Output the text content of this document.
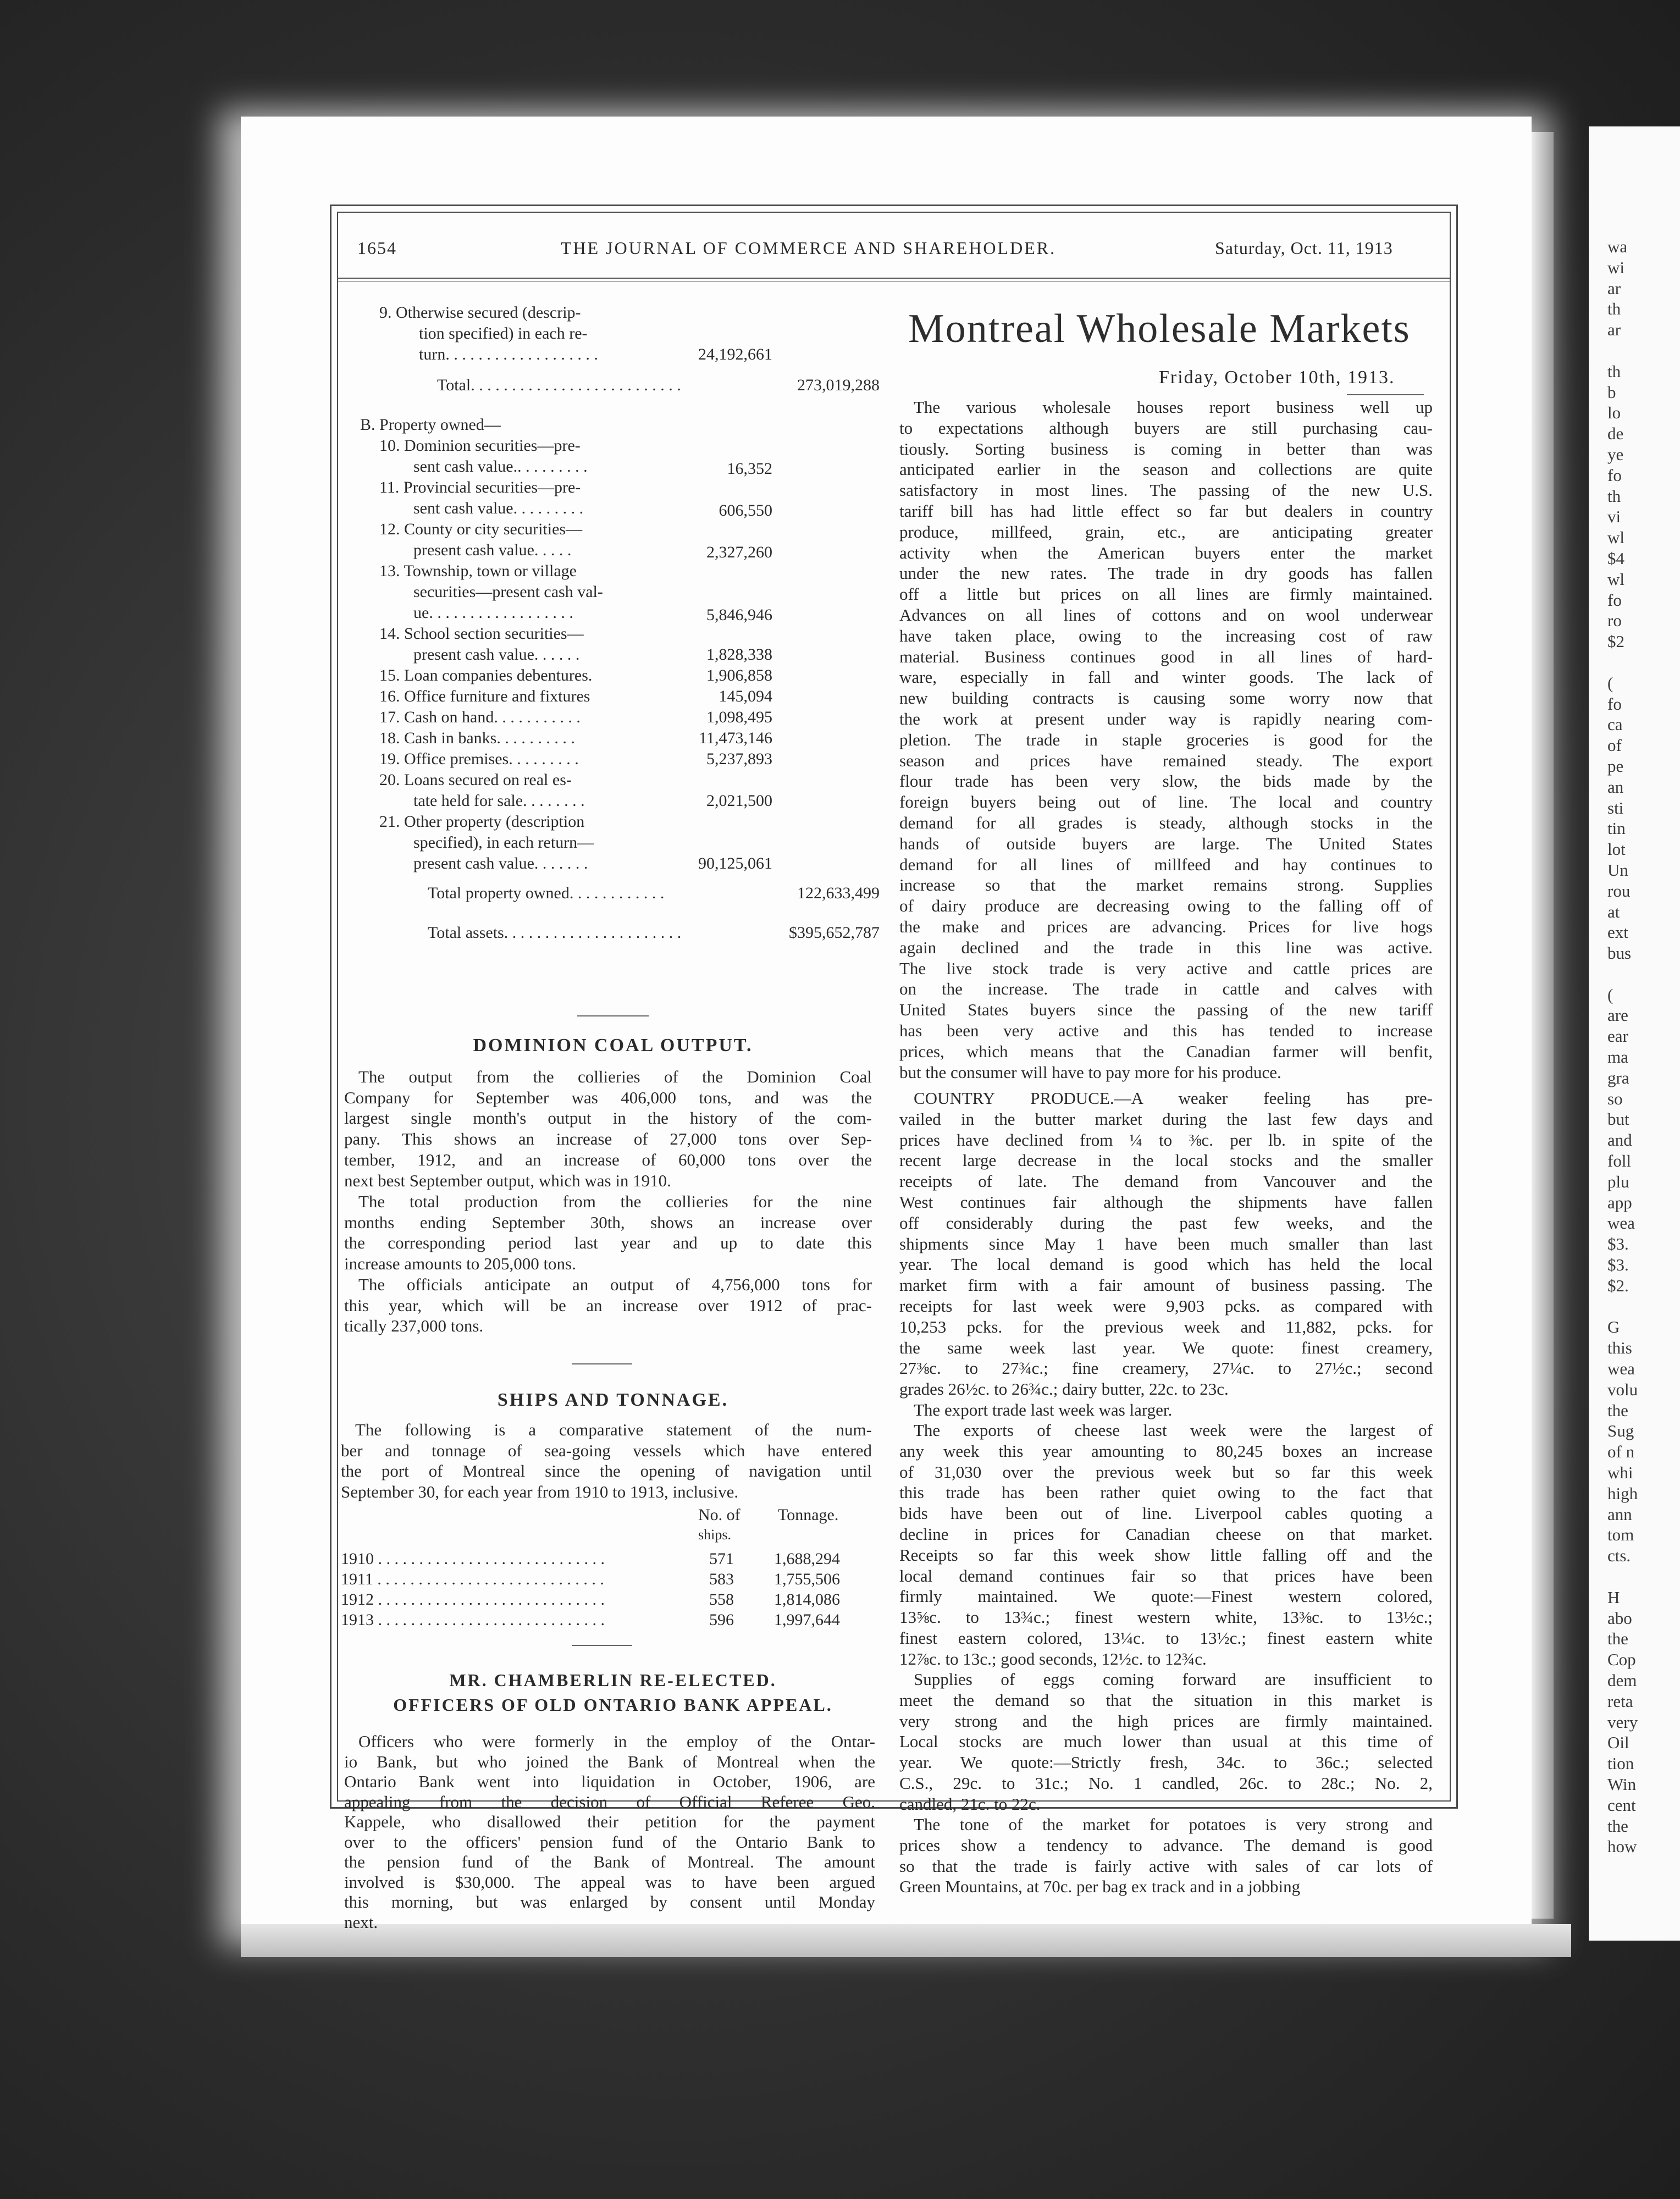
wa
wi
ar
th
ar

th
b
lo
de
ye
fo
th
vi
wl
$4
wl
fo
ro
$2

(
fo
ca
of
pe
an
sti
tin
lot
Un
rou
at
ext
bus

(
are
ear
ma
gra
so
but
and
foll
plu
app
wea
$3.
$3.
$2.

G
this
wea
volu
the
Sug
of n
whi
high
ann
tom
cts.

H
abo
the
Cop
dem
reta
very
Oil
tion
Win
cent
the
how
1654	THE JOURNAL OF COMMERCE AND SHAREHOLDER.	Saturday, Oct. 11, 1913
9. Otherwise secured (descrip-
tion specified) in each re-
turn. . . . . . . . . . . . . . . . . . .	24,192,661
Total. . . . . . . . . . . . . . . . . . . . . . . . . .	273,019,288
B. Property owned—
10. Dominion securities—pre-
sent cash value.. . . . . . . . .	16,352
11. Provincial securities—pre-
sent cash value. . . . . . . . .	606,550
12. County or city securities—
present cash value. . . . .	2,327,260
13. Township, town or village
securities—present cash val-
ue. . . . . . . . . . . . . . . . . .	5,846,946
14. School section securities—
present cash value. . . . . .	1,828,338
15. Loan companies debentures.	1,906,858
16. Office furniture and fixtures	145,094
17. Cash on hand. . . . . . . . . . .	1,098,495
18. Cash in banks. . . . . . . . . .	11,473,146
19. Office premises. . . . . . . . .	5,237,893
20. Loans secured on real es-
tate held for sale. . . . . . . .	2,021,500
21. Other property (description
specified), in each return—
present cash value. . . . . . .	90,125,061
Total property owned. . . . . . . . . . . .	122,633,499
Total assets. . . . . . . . . . . . . . . . . . . . . .	$395,652,787
DOMINION COAL OUTPUT.
The output from the collieries of the Dominion Coal
Company for September was 406,000 tons, and was the
largest single month's output in the history of the com-
pany. This shows an increase of 27,000 tons over Sep-
tember, 1912, and an increase of 60,000 tons over the
next best September output, which was in 1910.
The total production from the collieries for the nine
months ending September 30th, shows an increase over
the corresponding period last year and up to date this
increase amounts to 205,000 tons.
The officials anticipate an output of 4,756,000 tons for
this year, which will be an increase over 1912 of prac-
tically 237,000 tons.
SHIPS AND TONNAGE.
The following is a comparative statement of the num-
ber and tonnage of sea-going vessels which have entered
the port of Montreal since the opening of navigation until
September 30, for each year from 1910 to 1913, inclusive.
No. of Tonnage.
ships.
1910 . . . . . . . . . . . . . . . . . . . . . . . . . . . .	571 1,688,294
1911 . . . . . . . . . . . . . . . . . . . . . . . . . . . .	583 1,755,506
1912 . . . . . . . . . . . . . . . . . . . . . . . . . . . .	558 1,814,086
1913 . . . . . . . . . . . . . . . . . . . . . . . . . . . .	596 1,997,644
MR. CHAMBERLIN RE-ELECTED.
OFFICERS OF OLD ONTARIO BANK APPEAL.
Officers who were formerly in the employ of the Ontar-
io Bank, but who joined the Bank of Montreal when the
Ontario Bank went into liquidation in October, 1906, are
appealing from the decision of Official Referee Geo.
Kappele, who disallowed their petition for the payment
over to the officers' pension fund of the Ontario Bank to
the pension fund of the Bank of Montreal. The amount
involved is $30,000. The appeal was to have been argued
this morning, but was enlarged by consent until Monday
next.
Montreal Wholesale Markets
Friday, October 10th, 1913.
The various wholesale houses report business well up
to expectations although buyers are still purchasing cau-
tiously. Sorting business is coming in better than was
anticipated earlier in the season and collections are quite
satisfactory in most lines. The passing of the new U.S.
tariff bill has had little effect so far but dealers in country
produce, millfeed, grain, etc., are anticipating greater
activity when the American buyers enter the market
under the new rates. The trade in dry goods has fallen
off a little but prices on all lines are firmly maintained.
Advances on all lines of cottons and on wool underwear
have taken place, owing to the increasing cost of raw
material. Business continues good in all lines of hard-
ware, especially in fall and winter goods. The lack of
new building contracts is causing some worry now that
the work at present under way is rapidly nearing com-
pletion. The trade in staple groceries is good for the
season and prices have remained steady. The export
flour trade has been very slow, the bids made by the
foreign buyers being out of line. The local and country
demand for all grades is steady, although stocks in the
hands of outside buyers are large. The United States
demand for all lines of millfeed and hay continues to
increase so that the market remains strong. Supplies
of dairy produce are decreasing owing to the falling off of
the make and prices are advancing. Prices for live hogs
again declined and the trade in this line was active.
The live stock trade is very active and cattle prices are
on the increase. The trade in cattle and calves with
United States buyers since the passing of the new tariff
has been very active and this has tended to increase
prices, which means that the Canadian farmer will benfit,
but the consumer will have to pay more for his produce.
COUNTRY PRODUCE.—A weaker feeling has pre-
vailed in the butter market during the last few days and
prices have declined from ¼ to ⅜c. per lb. in spite of the
recent large decrease in the local stocks and the smaller
receipts of late. The demand from Vancouver and the
West continues fair although the shipments have fallen
off considerably during the past few weeks, and the
shipments since May 1 have been much smaller than last
year. The local demand is good which has held the local
market firm with a fair amount of business passing. The
receipts for last week were 9,903 pcks. as compared with
10,253 pcks. for the previous week and 11,882, pcks. for
the same week last year. We quote: finest creamery,
27⅜c. to 27¾c.; fine creamery, 27¼c. to 27½c.; second
grades 26½c. to 26¾c.; dairy butter, 22c. to 23c.
The export trade last week was larger.
The exports of cheese last week were the largest of
any week this year amounting to 80,245 boxes an increase
of 31,030 over the previous week but so far this week
this trade has been rather quiet owing to the fact that
bids have been out of line. Liverpool cables quoting a
decline in prices for Canadian cheese on that market.
Receipts so far this week show little falling off and the
local demand continues fair so that prices have been
firmly maintained. We quote:—Finest western colored,
13⅝c. to 13¾c.; finest western white, 13⅜c. to 13½c.;
finest eastern colored, 13¼c. to 13½c.; finest eastern white
12⅞c. to 13c.; good seconds, 12½c. to 12¾c.
Supplies of eggs coming forward are insufficient to
meet the demand so that the situation in this market is
very strong and the high prices are firmly maintained.
Local stocks are much lower than usual at this time of
year. We quote:—Strictly fresh, 34c. to 36c.; selected
C.S., 29c. to 31c.; No. 1 candled, 26c. to 28c.; No. 2,
candled, 21c. to 22c.
The tone of the market for potatoes is very strong and
prices show a tendency to advance. The demand is good
so that the trade is fairly active with sales of car lots of
Green Mountains, at 70c. per bag ex track and in a jobbing
